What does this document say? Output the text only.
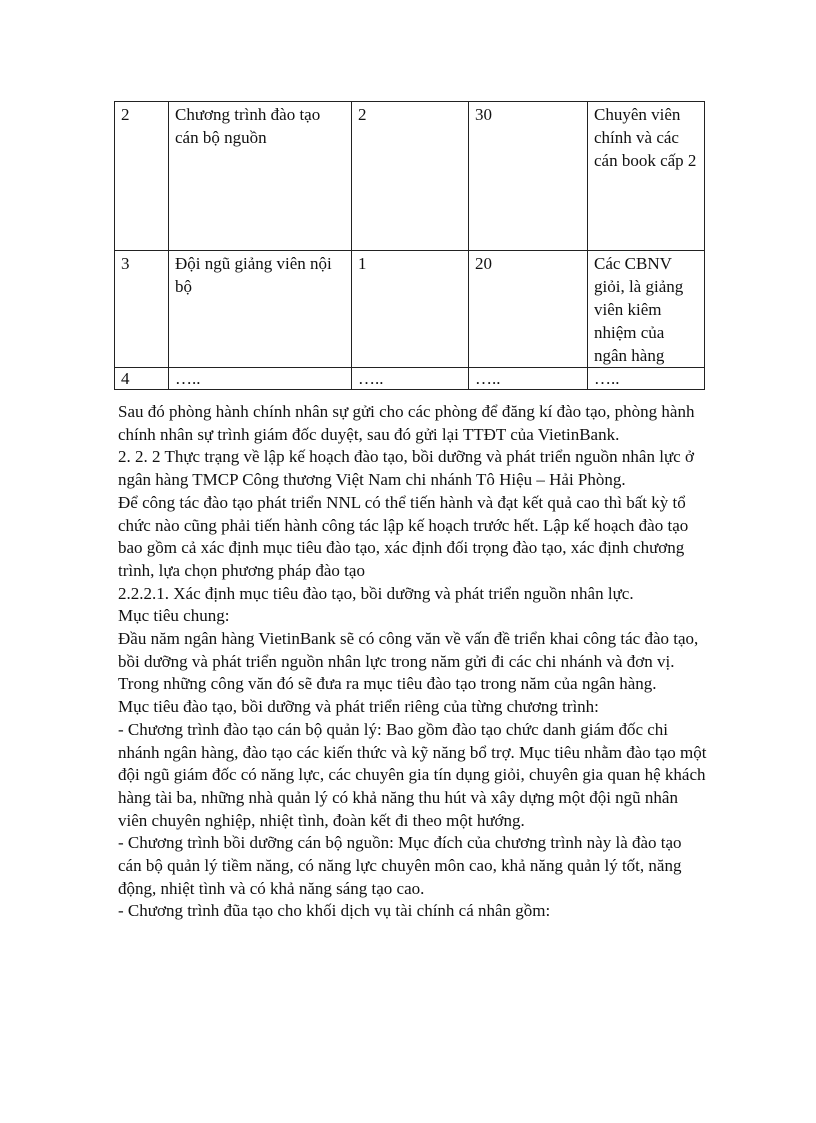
2	Chương trình đào tạo cán bộ nguồn	2	30	Chuyên viên chính và các cán book cấp 2
3	Đội ngũ giảng viên nội bộ	1	20	Các CBNV giỏi, là giảng viên kiêm nhiệm của ngân hàng
4	…..	…..	…..	…..

Sau đó phòng hành chính nhân sự gửi cho các phòng để đăng kí đào tạo, phòng hành chính nhân sự trình giám đốc duyệt, sau đó gửi lại TTĐT của VietinBank.

2. 2. 2 Thực trạng về lập kế hoạch đào tạo, bồi dưỡng và phát triển nguồn nhân lực ở ngân hàng TMCP Công thương Việt Nam chi nhánh Tô Hiệu – Hải Phòng.

Để công tác đào tạo phát triển NNL có thể tiến hành và đạt kết quả cao thì bất kỳ tổ chức nào cũng phải tiến hành công tác lập kế hoạch trước hết. Lập kế hoạch đào tạo bao gồm cả xác định mục tiêu đào tạo, xác định đối trọng đào tạo, xác định chương trình, lựa chọn phương pháp đào tạo

2.2.2.1. Xác định mục tiêu đào tạo, bồi dưỡng và phát triển nguồn nhân lực.

Mục tiêu chung:

Đầu năm ngân hàng VietinBank sẽ có công văn về vấn đề triển khai công tác đào tạo, bồi dưỡng và phát triển nguồn nhân lực trong năm gửi đi các chi nhánh và đơn vị. Trong những công văn đó sẽ đưa ra mục tiêu đào tạo trong năm của ngân hàng.

Mục tiêu đào tạo, bồi dưỡng và phát triển riêng của từng chương trình:

- Chương trình đào tạo cán bộ quản lý: Bao gồm đào tạo chức danh giám đốc chi nhánh ngân hàng, đào tạo các kiến thức và kỹ năng bổ trợ. Mục tiêu nhằm đào tạo một đội ngũ giám đốc có năng lực, các chuyên gia tín dụng giỏi, chuyên gia quan hệ khách hàng tài ba, những nhà quản lý có khả năng thu hút và xây dựng một đội ngũ nhân viên chuyên nghiệp, nhiệt tình, đoàn kết đi theo một hướng.

- Chương trình bồi dưỡng cán bộ nguồn: Mục đích của chương trình này là đào tạo cán bộ quản lý tiềm năng, có năng lực chuyên môn cao, khả năng quản lý tốt, năng động, nhiệt tình và có khả năng sáng tạo cao.

- Chương trình đũa tạo cho khối dịch vụ tài chính cá nhân gồm:
